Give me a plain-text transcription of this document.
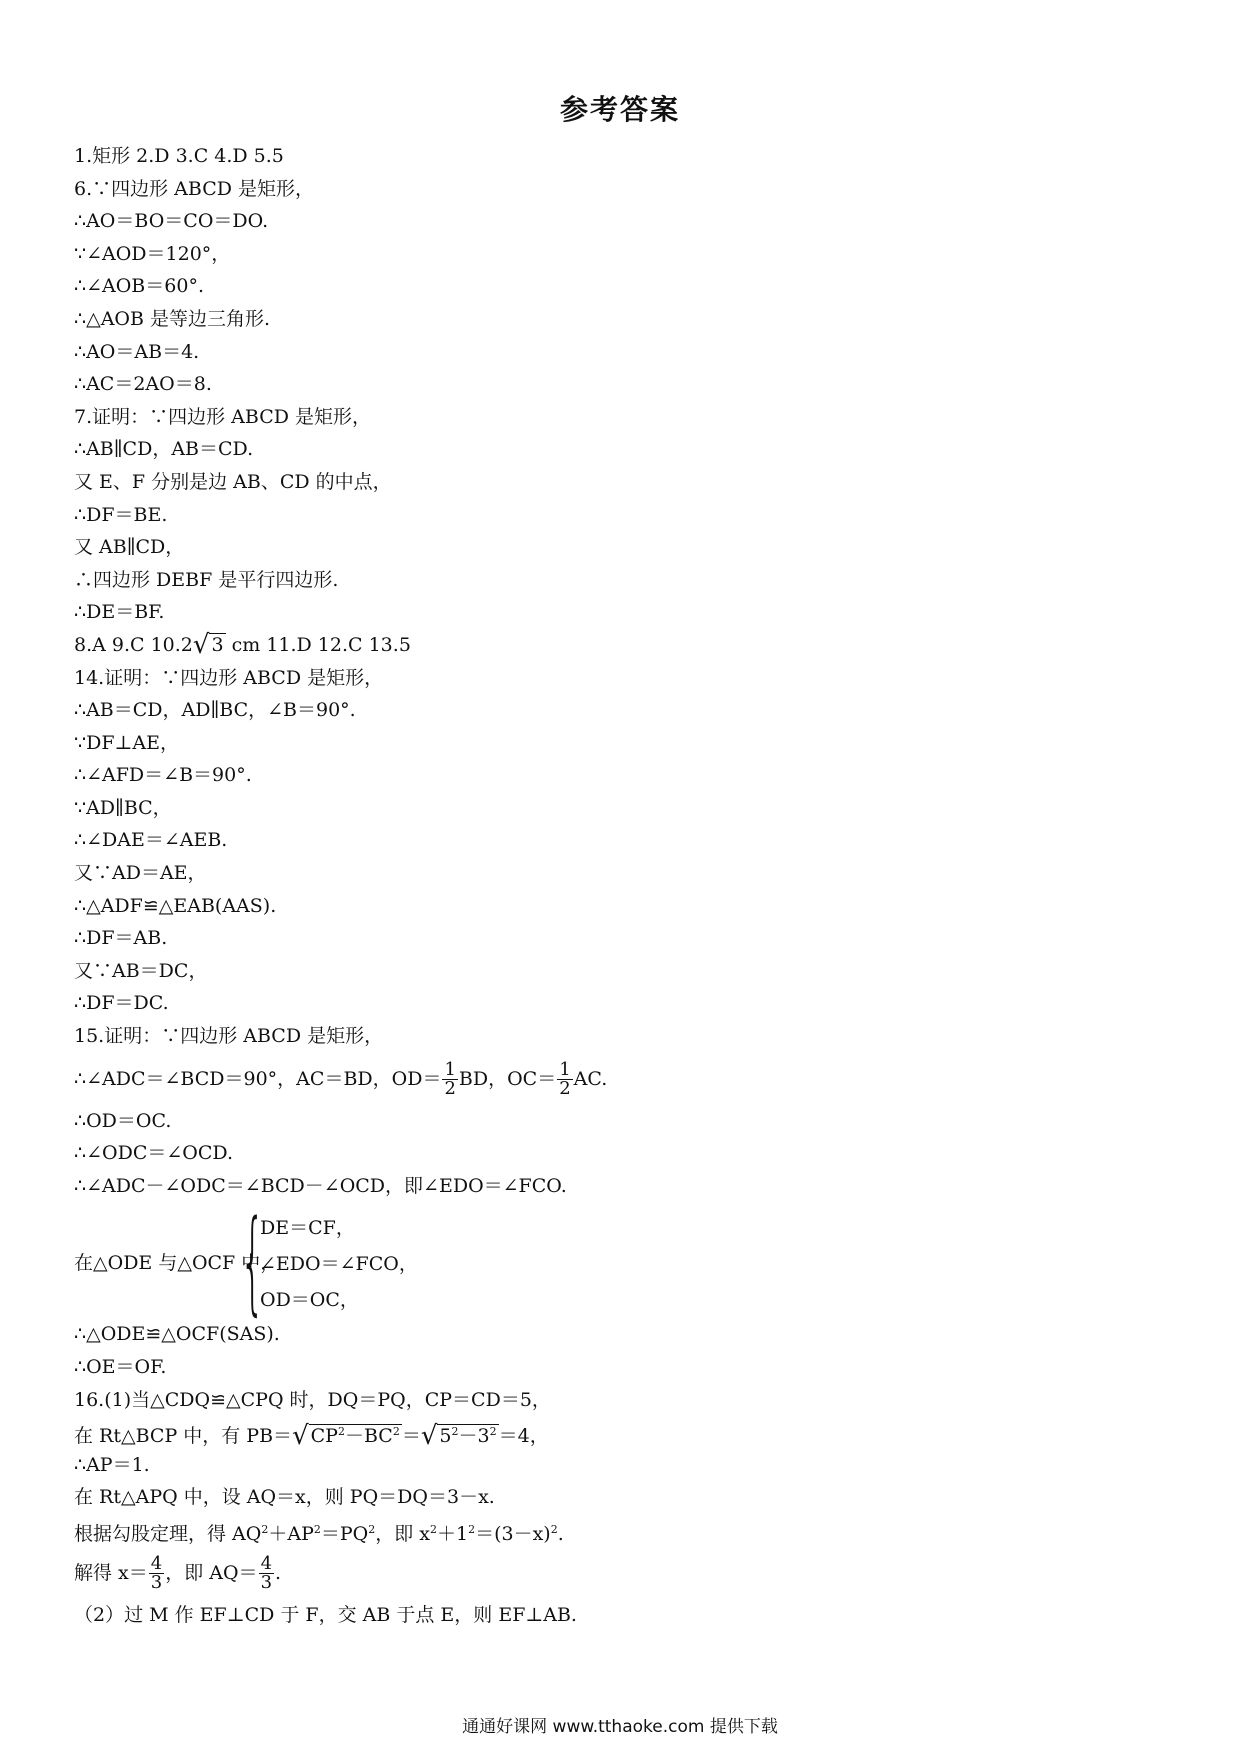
参考答案
1.矩形 2.D 3.C 4.D 5.5
6.∵四边形 ABCD 是矩形，
∴AO＝BO＝CO＝DO.
∵∠AOD＝120°，
∴∠AOB＝60°.
∴△AOB 是等边三角形.
∴AO＝AB＝4.
∴AC＝2AO＝8.
7.证明：∵四边形 ABCD 是矩形，
∴AB∥CD，AB＝CD.
又 E、F 分别是边 AB、CD 的中点，
∴DF＝BE.
又 AB∥CD，
∴四边形 DEBF 是平行四边形.
∴DE＝BF.
8.A 9.C 10.2√ 3 cm 11.D 12.C 13.5
14.证明：∵四边形 ABCD 是矩形，
∴AB＝CD，AD∥BC，∠B＝90°.
∵DF⊥AE，
∴∠AFD＝∠B＝90°.
∵AD∥BC，
∴∠DAE＝∠AEB.
又∵AD＝AE，
∴△ADF≌△EAB(AAS).
∴DF＝AB.
又∵AB＝DC，
∴DF＝DC.
15.证明：∵四边形 ABCD 是矩形，
∴∠ADC＝∠BCD＝90°，AC＝BD，$OD= \frac{1}{2}$ BD，$OC= \frac{1}{2}$ AC.
∴OD＝OC.
∴∠ODC＝∠OCD.
∴∠ADC－∠ODC＝∠BCD－∠OCD，即∠EDO＝∠FCO.
在△ODE 与△OCF 中，
{
DE＝CF，
∠EDO＝∠FCO，
OD＝OC，
∴△ODE≌△OCF(SAS).
∴OE＝OF.
16.(1)当△CDQ≌△CPQ 时，DQ＝PQ，CP＝CD＝5，
在 Rt△BCP 中，有 PB＝√ $CP^2-BC^2$ ＝√ $5^2-3^2 =4$，
∴AP＝1.
在 Rt△APQ 中，设 AQ＝x，则 PQ＝DQ＝3－x.
根据勾股定理，得 $AQ^2+AP^2=PQ^2$，即 $x^2+1^2=(3-x)^2$.
解得 $x= \frac{4}{3}$ ，即 $AQ= \frac{4}{3}$ .
（2）过 M 作 EF⊥CD 于 F，交 AB 于点 E，则 EF⊥AB.
通通好课网 www.tthaoke.com 提供下载
